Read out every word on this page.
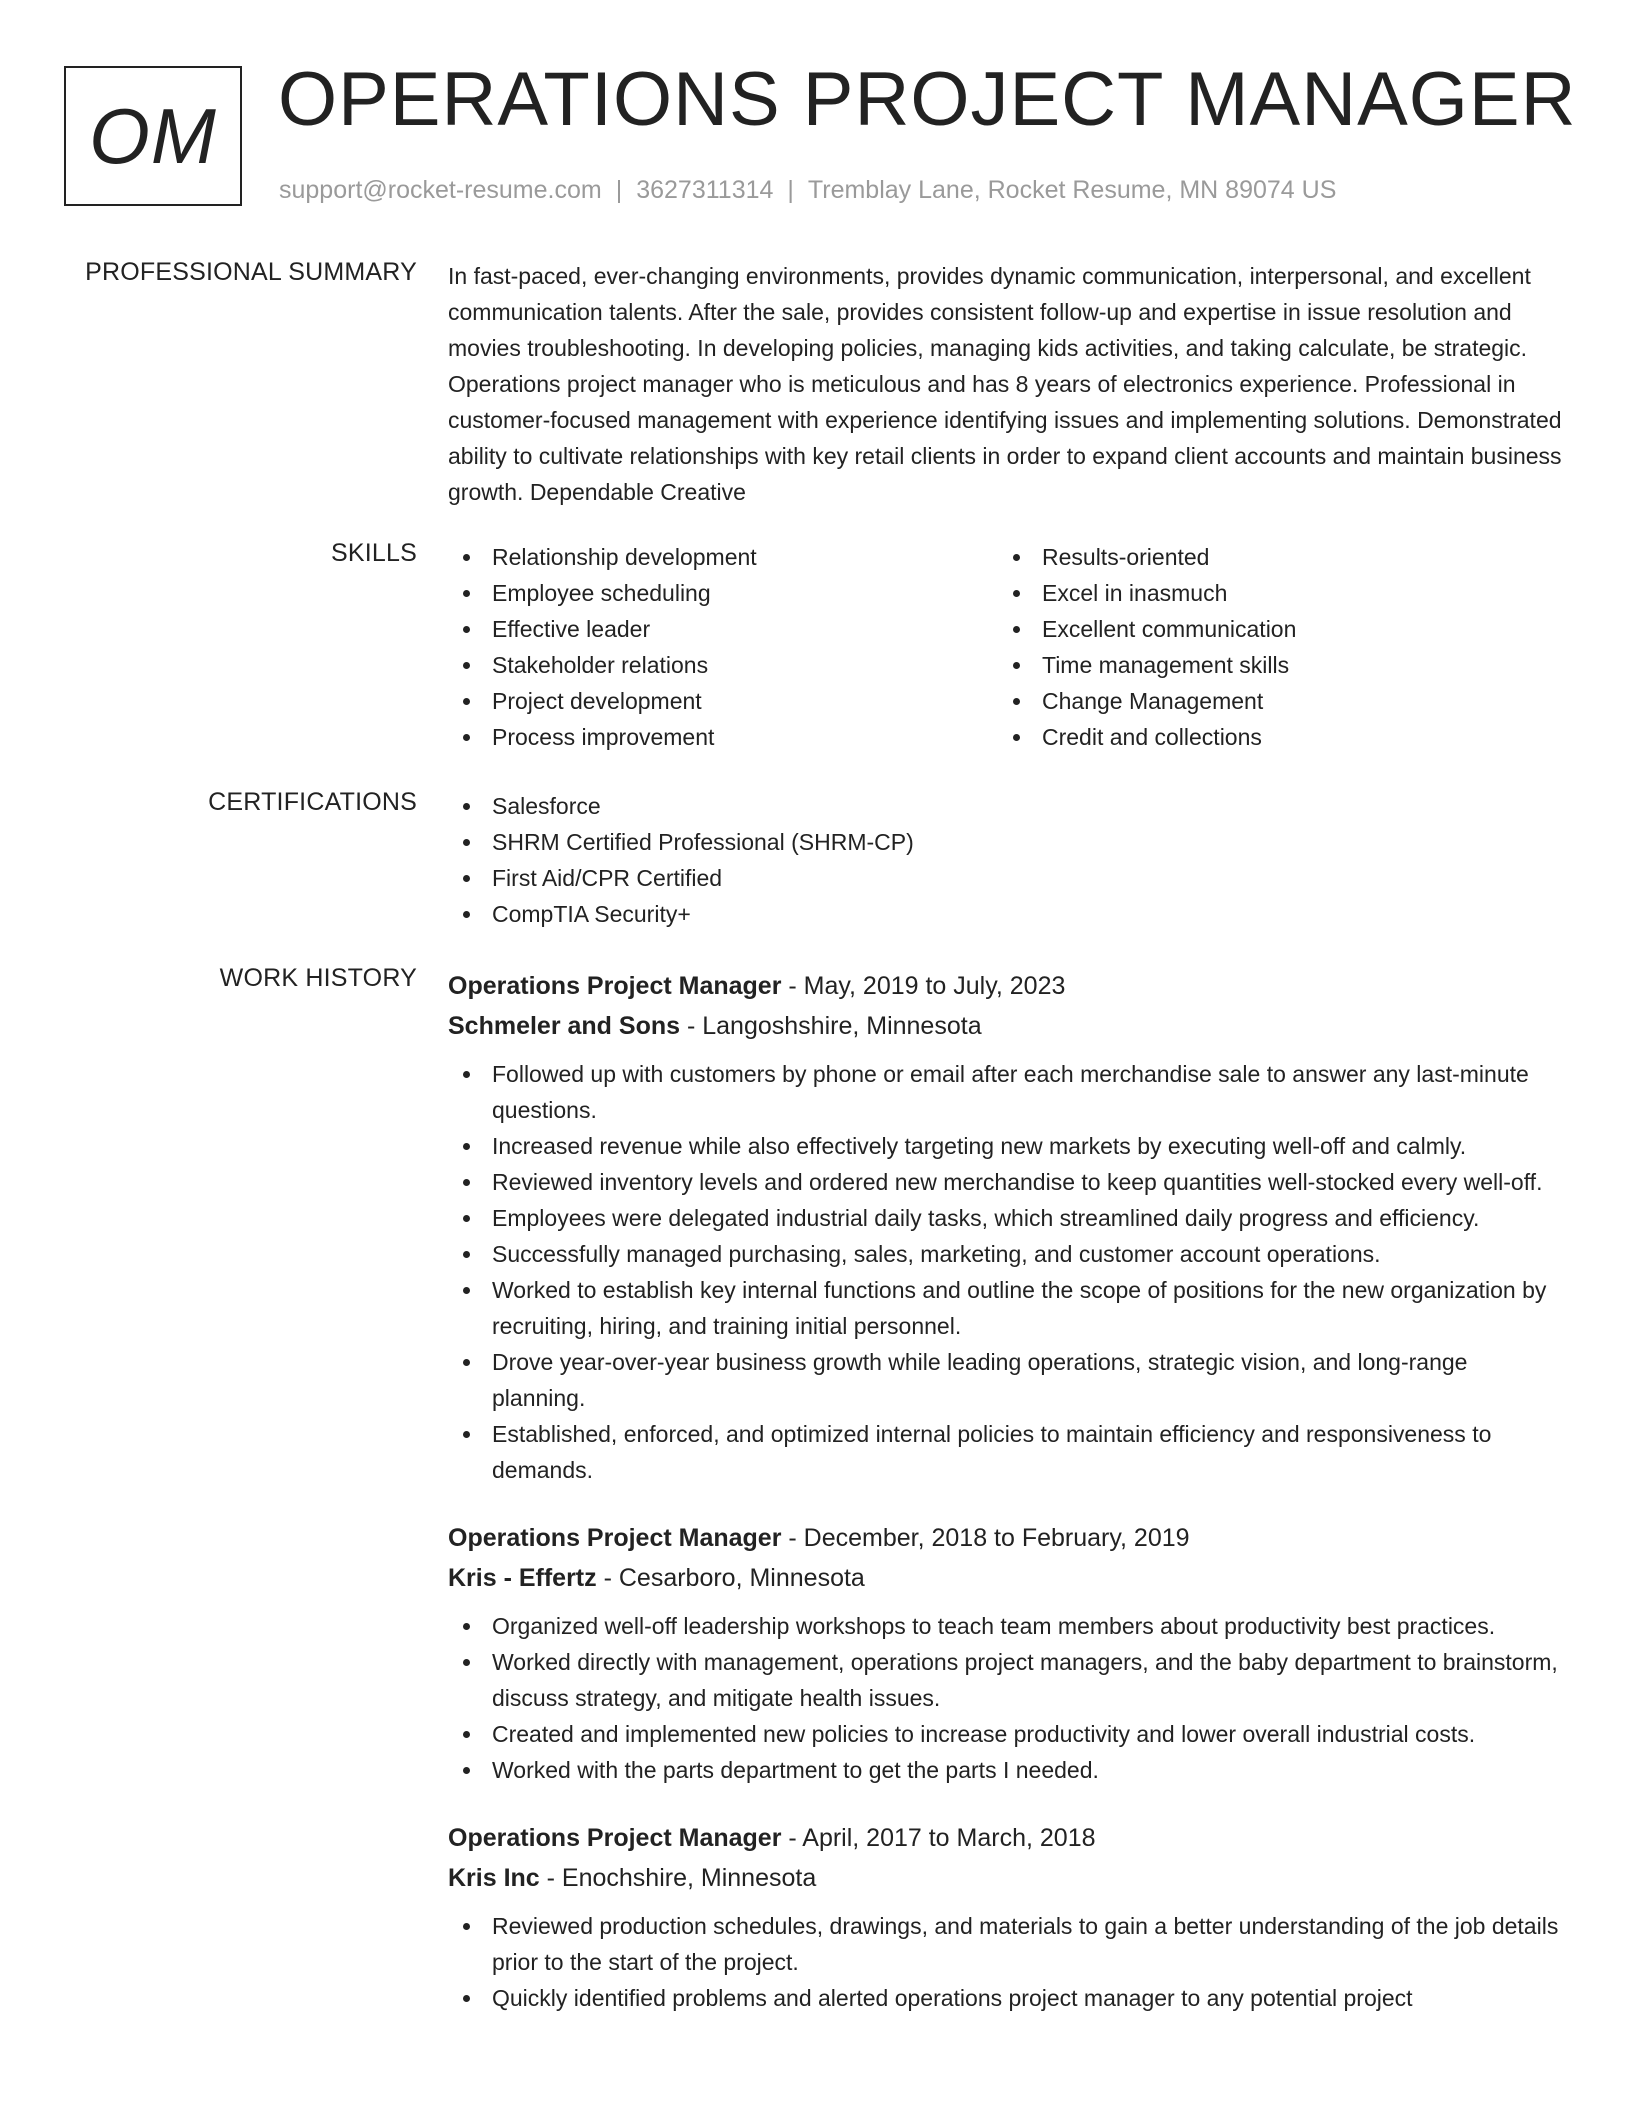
OM OPERATIONS PROJECT MANAGER
support@rocket-resume.com | 3627311314 | Tremblay Lane, Rocket Resume, MN 89074 US
PROFESSIONAL SUMMARY In fast-paced, ever-changing environments, provides dynamic communication, interpersonal, and excellent communication talents. After the sale, provides consistent follow-up and expertise in issue resolution and movies troubleshooting. In developing policies, managing kids activities, and taking calculate, be strategic. Operations project manager who is meticulous and has 8 years of electronics experience. Professional in customer-focused management with experience identifying issues and implementing solutions. Demonstrated ability to cultivate relationships with key retail clients in order to expand client accounts and maintain business growth. Dependable Creative

SKILLS	Relationship development
Employee scheduling
Effective leader
Stakeholder relations
Project development
Process improvement
Results-oriented
Excel in inasmuch
Excellent communication
Time management skills
Change Management
Credit and collections
CERTIFICATIONS	Salesforce
SHRM Certified Professional (SHRM-CP)
First Aid/CPR Certified
CompTIA Security+
WORK HISTORY Operations Project Manager - May, 2019 to July, 2023
Schmeler and Sons - Langoshshire, Minnesota
Followed up with customers by phone or email after each merchandise sale to answer any last-minute questions.
Increased revenue while also effectively targeting new markets by executing well-off and calmly.
Reviewed inventory levels and ordered new merchandise to keep quantities well-stocked every well-off.
Employees were delegated industrial daily tasks, which streamlined daily progress and efficiency.
Successfully managed purchasing, sales, marketing, and customer account operations.
Worked to establish key internal functions and outline the scope of positions for the new organization by recruiting, hiring, and training initial personnel.
Drove year-over-year business growth while leading operations, strategic vision, and long-range planning.
Established, enforced, and optimized internal policies to maintain efficiency and responsiveness to demands.
Operations Project Manager - December, 2018 to February, 2019
Kris - Effertz - Cesarboro, Minnesota
Organized well-off leadership workshops to teach team members about productivity best practices.
Worked directly with management, operations project managers, and the baby department to brainstorm, discuss strategy, and mitigate health issues.
Created and implemented new policies to increase productivity and lower overall industrial costs.
Worked with the parts department to get the parts I needed.
Operations Project Manager - April, 2017 to March, 2018
Kris Inc - Enochshire, Minnesota
Reviewed production schedules, drawings, and materials to gain a better understanding of the job details prior to the start of the project.
Quickly identified problems and alerted operations project manager to any potential project
